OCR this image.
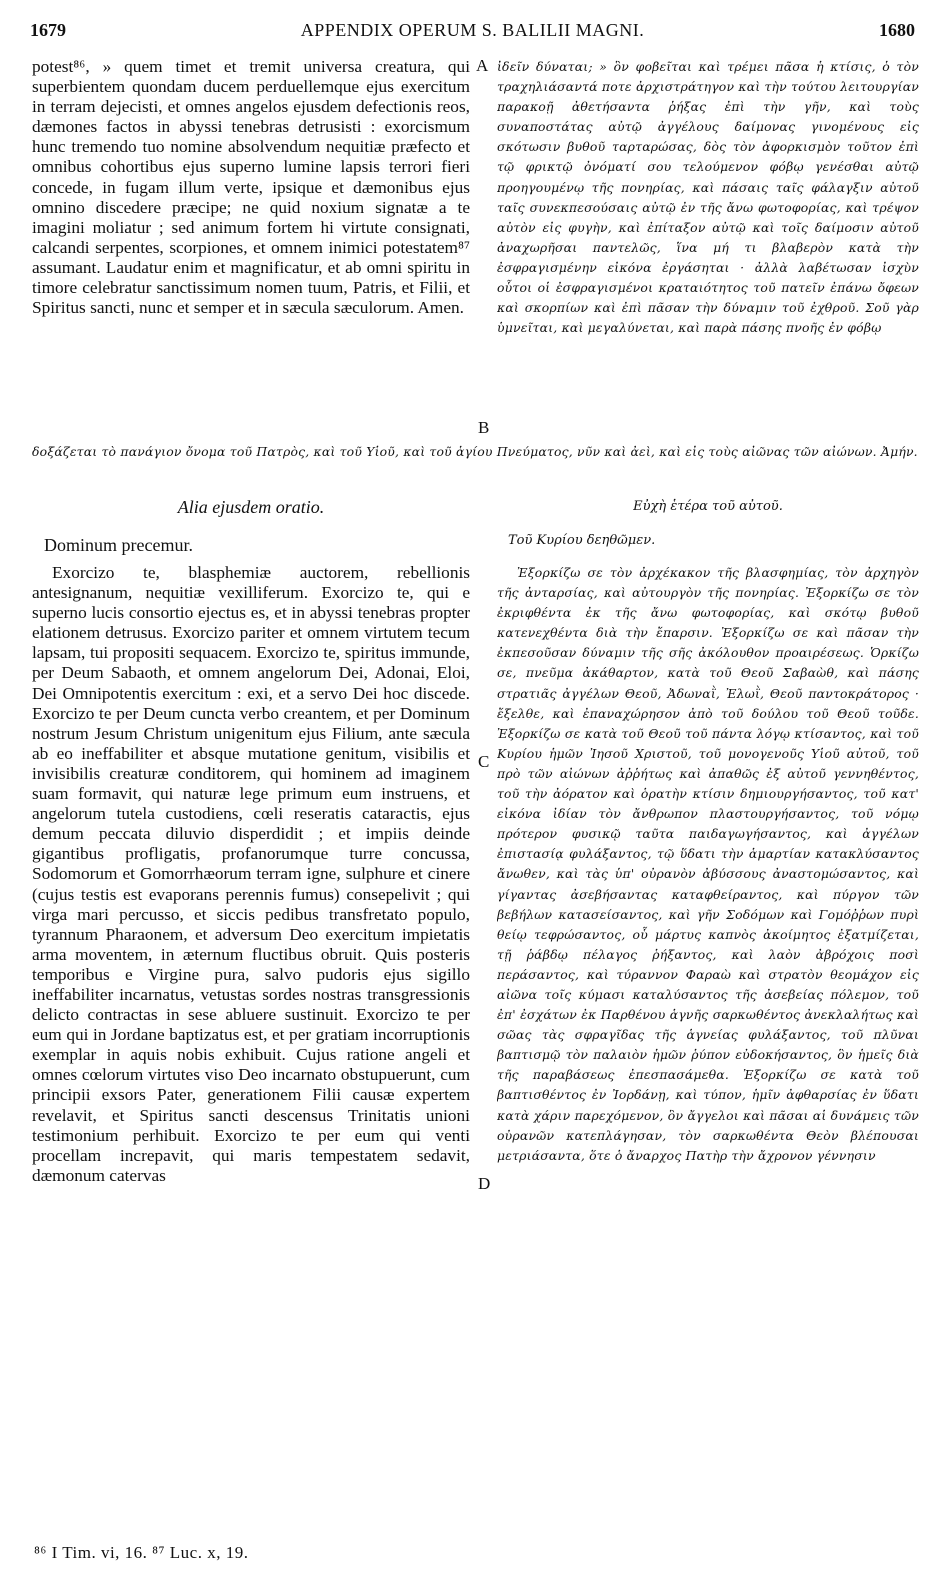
1679	APPENDIX OPERUM S. BALILII MAGNI.	1680

potest⁸⁶, » quem timet et tremit universa creatura, qui superbientem quondam ducem perduellemque ejus exercitum in terram dejecisti, et omnes angelos ejusdem defectionis reos, dæmones factos in abyssi tenebras detrusisti : exorcismum hunc tremendo tuo nomine absolvendum nequitiæ præfecto et omnibus cohortibus ejus superno lumine lapsis terrori fieri concede, in fugam illum verte, ipsique et dæmonibus ejus omnino discedere præcipe; ne quid noxium signatæ a te imagini moliatur ; sed animum fortem hi virtute consignati, calcandi serpentes, scorpiones, et omnem inimici potestatem⁸⁷ assumant. Laudatur enim et magnificatur, et ab omni spiritu in timore celebratur sanctissimum nomen tuum, Patris, et Filii, et Spiritus sancti, nunc et semper et in sæcula sæculorum. Amen.

ἰδεῖν δύναται; » ὃν φοβεῖται καὶ τρέμει πᾶσα ἡ κτίσις, ὁ τὸν τραχηλιάσαντά ποτε ἀρχιστράτηγον καὶ τὴν τούτου λειτουργίαν παρακοῇ ἀθετήσαντα ῥήξας ἐπὶ τὴν γῆν, καὶ τοὺς συναποστάτας αὐτῷ ἀγγέλους δαίμονας γινομένους εἰς σκότωσιν βυθοῦ ταρταρώσας, δὸς τὸν ἀφορκισμὸν τοῦτον ἐπὶ τῷ φρικτῷ ὀνόματί σου τελούμενον φόβῳ γενέσθαι αὐτῷ προηγουμένῳ τῆς πονηρίας, καὶ πάσαις ταῖς φάλαγξιν αὐτοῦ ταῖς συνεκπεσούσαις αὐτῷ ἐν τῆς ἄνω φωτοφορίας, καὶ τρέψον αὐτὸν εἰς φυγὴν, καὶ ἐπίταξον αὐτῷ καὶ τοῖς δαίμοσιν αὐτοῦ ἀναχωρῆσαι παντελῶς, ἵνα μή τι βλαβερὸν κατὰ τὴν ἐσφραγισμένην εἰκόνα ἐργάσηται · ἀλλὰ λαβέτωσαν ἰσχὺν οὗτοι οἱ ἐσφραγισμένοι κραταιότητος τοῦ πατεῖν ἐπάνω ὄφεων καὶ σκορπίων καὶ ἐπὶ πᾶσαν τὴν δύναμιν τοῦ ἐχθροῦ. Σοῦ γὰρ ὑμνεῖται, καὶ μεγαλύνεται, καὶ παρὰ πάσης πνοῆς ἐν φόβῳ

δοξάζεται τὸ πανάγιον ὄνομα τοῦ Πατρὸς, καὶ τοῦ Υἱοῦ, καὶ τοῦ ἁγίου Πνεύματος, νῦν καὶ ἀεὶ, καὶ εἰς τοὺς αἰῶνας τῶν αἰώνων. Ἀμήν.
Alia ejusdem oratio.	Εὐχὴ ἑτέρα τοῦ αὐτοῦ.
Dominum precemur.	Τοῦ Κυρίου δεηθῶμεν.

Exorcizo te, blasphemiæ auctorem, rebellionis antesignanum, nequitiæ vexilliferum. Exorcizo te, qui e superno lucis consortio ejectus es, et in abyssi tenebras propter elationem detrusus. Exorcizo pariter et omnem virtutem tecum lapsam, tui propositi sequacem. Exorcizo te, spiritus immunde, per Deum Sabaoth, et omnem angelorum Dei, Adonai, Eloi, Dei Omnipotentis exercitum : exi, et a servo Dei hoc discede. Exorcizo te per Deum cuncta verbo creantem, et per Dominum nostrum Jesum Christum unigenitum ejus Filium, ante sæcula ab eo ineffabiliter et absque mutatione genitum, visibilis et invisibilis creaturæ conditorem, qui hominem ad imaginem suam formavit, qui naturæ lege primum eum instruens, et angelorum tutela custodiens, cœli reseratis cataractis, ejus demum peccata diluvio disperdidit ; et impiis deinde gigantibus profligatis, profanorumque turre concussa, Sodomorum et Gomorrhæorum terram igne, sulphure et cinere (cujus testis est evaporans perennis fumus) consepelivit ; qui virga mari percusso, et siccis pedibus transfretato populo, tyrannum Pharaonem, et adversum Deo exercitum impietatis arma moventem, in æternum fluctibus obruit. Quis posteris temporibus e Virgine pura, salvo pudoris ejus sigillo ineffabiliter incarnatus, vetustas sordes nostras transgressionis delicto contractas in sese abluere sustinuit. Exorcizo te per eum qui in Jordane baptizatus est, et per gratiam incorruptionis exemplar in aquis nobis exhibuit. Cujus ratione angeli et omnes cœlorum virtutes viso Deo incarnato obstupuerunt, cum principii exsors Pater, generationem Filii causæ expertem revelavit, et Spiritus sancti descensus Trinitatis unioni testimonium perhibuit. Exorcizo te per eum qui venti procellam increpavit, qui maris tempestatem sedavit, dæmonum catervas

Ἐξορκίζω σε τὸν ἀρχέκακον τῆς βλασφημίας, τὸν ἀρχηγὸν τῆς ἀνταρσίας, καὶ αὐτουργὸν τῆς πονηρίας. Ἐξορκίζω σε τὸν ἐκριφθέντα ἐκ τῆς ἄνω φωτοφορίας, καὶ σκότῳ βυθοῦ κατενεχθέντα διὰ τὴν ἔπαρσιν. Ἐξορκίζω σε καὶ πᾶσαν τὴν ἐκπεσοῦσαν δύναμιν τῆς σῆς ἀκόλουθον προαιρέσεως. Ὁρκίζω σε, πνεῦμα ἀκάθαρτον, κατὰ τοῦ Θεοῦ Σαβαὼθ, καὶ πάσης στρατιᾶς ἀγγέλων Θεοῦ, Ἀδωναῒ, Ἐλωῒ, Θεοῦ παντοκράτορος · ἔξελθε, καὶ ἐπαναχώρησον ἀπὸ τοῦ δούλου τοῦ Θεοῦ τοῦδε. Ἐξορκίζω σε κατὰ τοῦ Θεοῦ τοῦ πάντα λόγῳ κτίσαντος, καὶ τοῦ Κυρίου ἡμῶν Ἰησοῦ Χριστοῦ, τοῦ μονογενοῦς Υἱοῦ αὐτοῦ, τοῦ πρὸ τῶν αἰώνων ἀῤῥήτως καὶ ἀπαθῶς ἐξ αὐτοῦ γεννηθέντος, τοῦ τὴν ἀόρατον καὶ ὁρατὴν κτίσιν δημιουργήσαντος, τοῦ κατ' εἰκόνα ἰδίαν τὸν ἄνθρωπον πλαστουργήσαντος, τοῦ νόμῳ πρότερον φυσικῷ ταῦτα παιδαγωγήσαντος, καὶ ἀγγέλων ἐπιστασίᾳ φυλάξαντος, τῷ ὕδατι τὴν ἁμαρτίαν κατακλύσαντος ἄνωθεν, καὶ τὰς ὑπ' οὐρανὸν ἀβύσσους ἀναστομώσαντος, καὶ γίγαντας ἀσεβήσαντας καταφθείραντος, καὶ πύργον τῶν βεβήλων κατασείσαντος, καὶ γῆν Σοδόμων καὶ Γομόῤῥων πυρὶ θείῳ τεφρώσαντος, οὗ μάρτυς καπνὸς ἀκοίμητος ἐξατμίζεται, τῇ ῥάβδῳ πέλαγος ῥήξαντος, καὶ λαὸν ἀβρόχοις ποσὶ περάσαντος, καὶ τύραννον Φαραὼ καὶ στρατὸν θεομάχον εἰς αἰῶνα τοῖς κύμασι καταλύσαντος τῆς ἀσεβείας πόλεμον, τοῦ ἐπ' ἐσχάτων ἐκ Παρθένου ἁγνῆς σαρκωθέντος ἀνεκλαλήτως καὶ σῶας τὰς σφραγῖδας τῆς ἁγνείας φυλάξαντος, τοῦ πλῦναι βαπτισμῷ τὸν παλαιὸν ἡμῶν ῥύπον εὐδοκήσαντος, ὃν ἡμεῖς διὰ τῆς παραβάσεως ἐπεσπασάμεθα. Ἐξορκίζω σε κατὰ τοῦ βαπτισθέντος ἐν Ἰορδάνῃ, καὶ τύπον, ἡμῖν ἀφθαρσίας ἐν ὕδατι κατὰ χάριν παρεχόμενον, ὃν ἄγγελοι καὶ πᾶσαι αἱ δυνάμεις τῶν οὐρανῶν κατεπλάγησαν, τὸν σαρκωθέντα Θεὸν βλέπουσαι μετριάσαντα, ὅτε ὁ ἄναρχος Πατὴρ τὴν ἄχρονον γέννησιν

A
B
C
D
⁸⁶ I Tim. vi, 16. ⁸⁷ Luc. x, 19.
